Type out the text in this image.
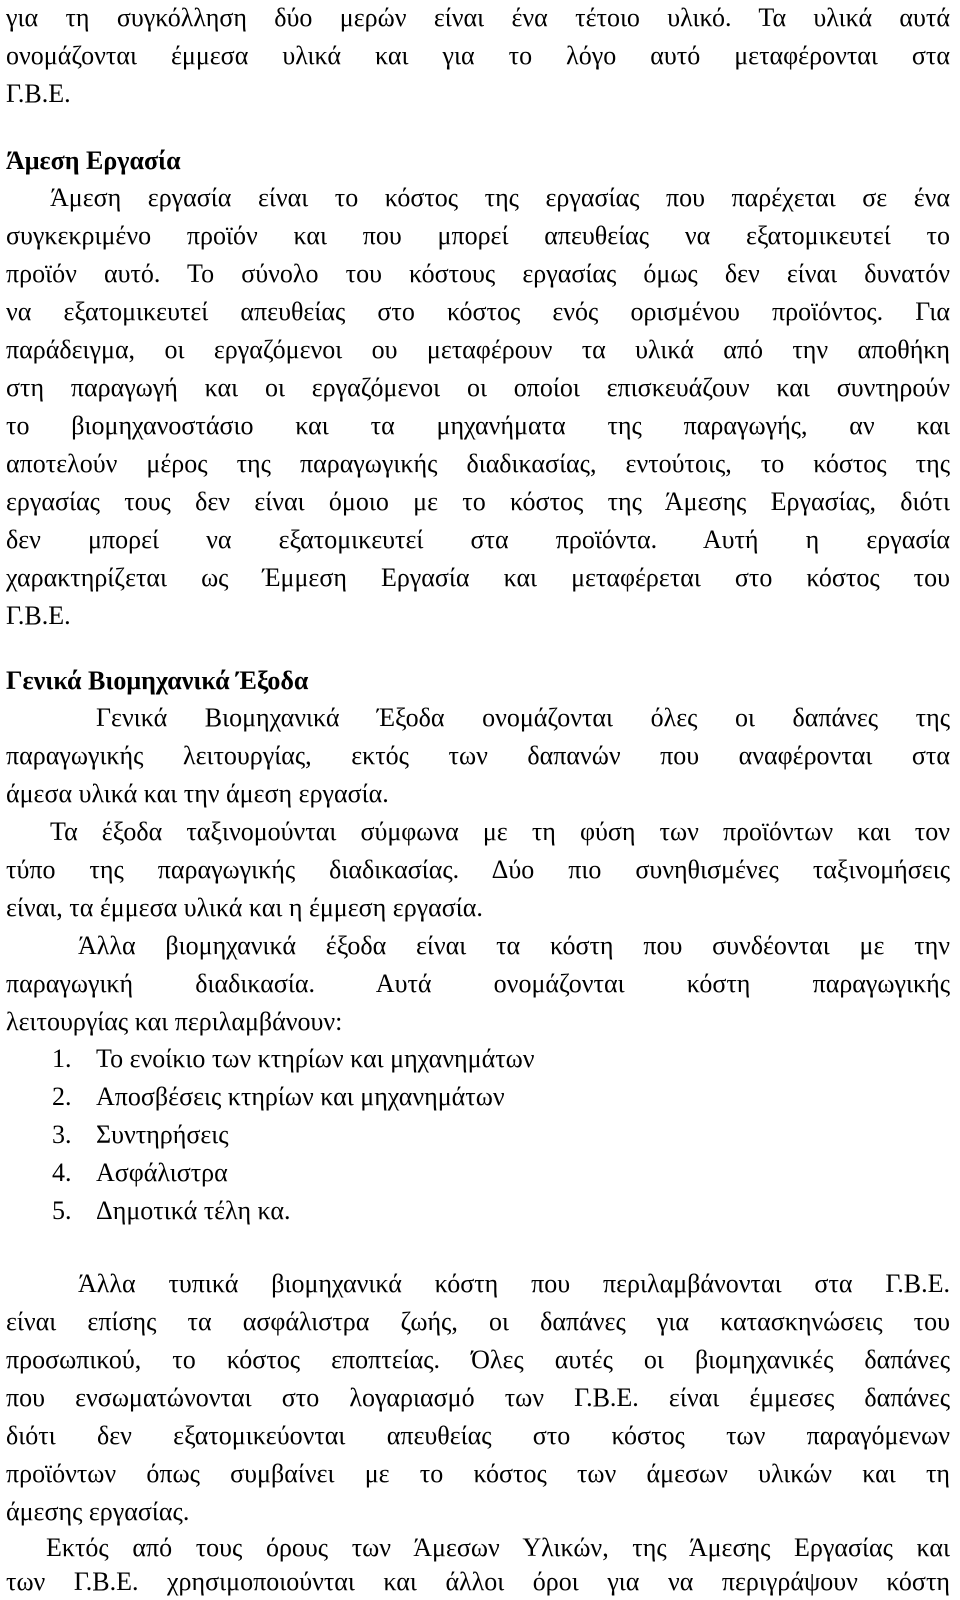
για τη συγκόλληση δύο μερών είναι ένα τέτοιο υλικό. Τα υλικά αυτά
ονομάζονται έμμεσα υλικά και για το λόγο αυτό μεταφέρονται στα
Γ.Β.Ε.
Άμεση Εργασία
Άμεση εργασία είναι το κόστος της εργασίας που παρέχεται σε ένα
συγκεκριμένο προϊόν και που μπορεί απευθείας να εξατομικευτεί το
προϊόν αυτό. Το σύνολο του κόστους εργασίας όμως δεν είναι δυνατόν
να εξατομικευτεί απευθείας στο κόστος ενός ορισμένου προϊόντος. Για
παράδειγμα, οι εργαζόμενοι ου μεταφέρουν τα υλικά από την αποθήκη
στη παραγωγή και οι εργαζόμενοι οι οποίοι επισκευάζουν και συντηρούν
το βιομηχανοστάσιο και τα μηχανήματα της παραγωγής, αν και
αποτελούν μέρος της παραγωγικής διαδικασίας, εντούτοις, το κόστος της
εργασίας τους δεν είναι όμοιο με το κόστος της Άμεσης Εργασίας, διότι
δεν μπορεί να εξατομικευτεί στα προϊόντα. Αυτή η εργασία
χαρακτηρίζεται ως Έμμεση Εργασία και μεταφέρεται στο κόστος του
Γ.Β.Ε.
Γενικά Βιομηχανικά Έξοδα
Γενικά Βιομηχανικά Έξοδα ονομάζονται όλες οι δαπάνες της
παραγωγικής λειτουργίας, εκτός των δαπανών που αναφέρονται στα
άμεσα υλικά και την άμεση εργασία.
Τα έξοδα ταξινομούνται σύμφωνα με τη φύση των προϊόντων και τον
τύπο της παραγωγικής διαδικασίας. Δύο πιο συνηθισμένες ταξινομήσεις
είναι, τα έμμεσα υλικά και η έμμεση εργασία.
Άλλα βιομηχανικά έξοδα είναι τα κόστη που συνδέονται με την
παραγωγική διαδικασία. Αυτά ονομάζονται κόστη παραγωγικής
λειτουργίας και περιλαμβάνουν:
1. Το ενοίκιο των κτηρίων και μηχανημάτων
2. Αποσβέσεις κτηρίων και μηχανημάτων
3. Συντηρήσεις
4. Ασφάλιστρα
5. Δημοτικά τέλη κα.
Άλλα τυπικά βιομηχανικά κόστη που περιλαμβάνονται στα Γ.Β.Ε.
είναι επίσης τα ασφάλιστρα ζωής, οι δαπάνες για κατασκηνώσεις του
προσωπικού, το κόστος εποπτείας. Όλες αυτές οι βιομηχανικές δαπάνες
που ενσωματώνονται στο λογαριασμό των Γ.Β.Ε. είναι έμμεσες δαπάνες
διότι δεν εξατομικεύονται απευθείας στο κόστος των παραγόμενων
προϊόντων όπως συμβαίνει με το κόστος των άμεσων υλικών και τη
άμεσης εργασίας.
Εκτός από τους όρους των Άμεσων Υλικών, της Άμεσης Εργασίας και
των Γ.Β.Ε. χρησιμοποιούνται και άλλοι όροι για να περιγράψουν κόστη
